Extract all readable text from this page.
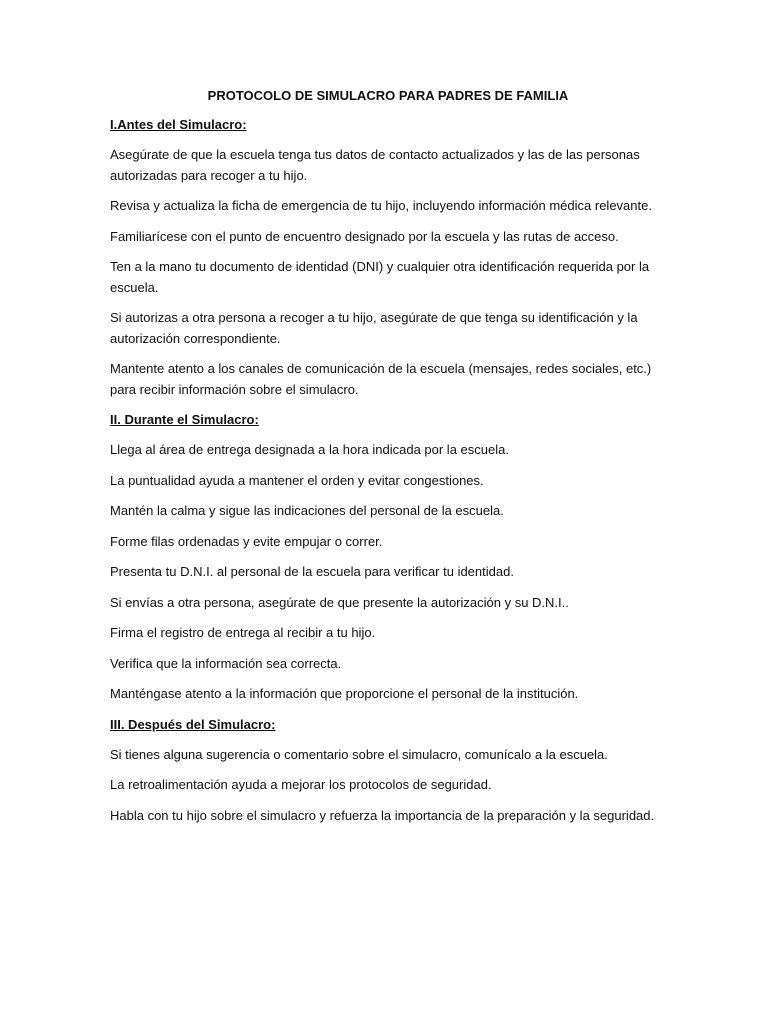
PROTOCOLO DE SIMULACRO PARA PADRES DE FAMILIA
I.Antes del Simulacro:

Asegúrate de que la escuela tenga tus datos de contacto actualizados y las de las personas autorizadas para recoger a tu hijo.

Revisa y actualiza la ficha de emergencia de tu hijo, incluyendo información médica relevante.

Familiarícese con el punto de encuentro designado por la escuela y las rutas de acceso.

Ten a la mano tu documento de identidad (DNI) y cualquier otra identificación requerida por la escuela.

Si autorizas a otra persona a recoger a tu hijo, asegúrate de que tenga su identificación y la autorización correspondiente.

Mantente atento a los canales de comunicación de la escuela (mensajes, redes sociales, etc.) para recibir información sobre el simulacro.

II. Durante el Simulacro:

Llega al área de entrega designada a la hora indicada por la escuela.

La puntualidad ayuda a mantener el orden y evitar congestiones.

Mantén la calma y sigue las indicaciones del personal de la escuela.

Forme filas ordenadas y evite empujar o correr.

Presenta tu D.N.I. al personal de la escuela para verificar tu identidad.

Si envías a otra persona, asegúrate de que presente la autorización y su D.N.I..

Firma el registro de entrega al recibir a tu hijo.

Verifica que la información sea correcta.

Manténgase atento a la información que proporcione el personal de la institución.

III. Después del Simulacro:

Si tienes alguna sugerencia o comentario sobre el simulacro, comunícalo a la escuela.

La retroalimentación ayuda a mejorar los protocolos de seguridad.

Habla con tu hijo sobre el simulacro y refuerza la importancia de la preparación y la seguridad.
